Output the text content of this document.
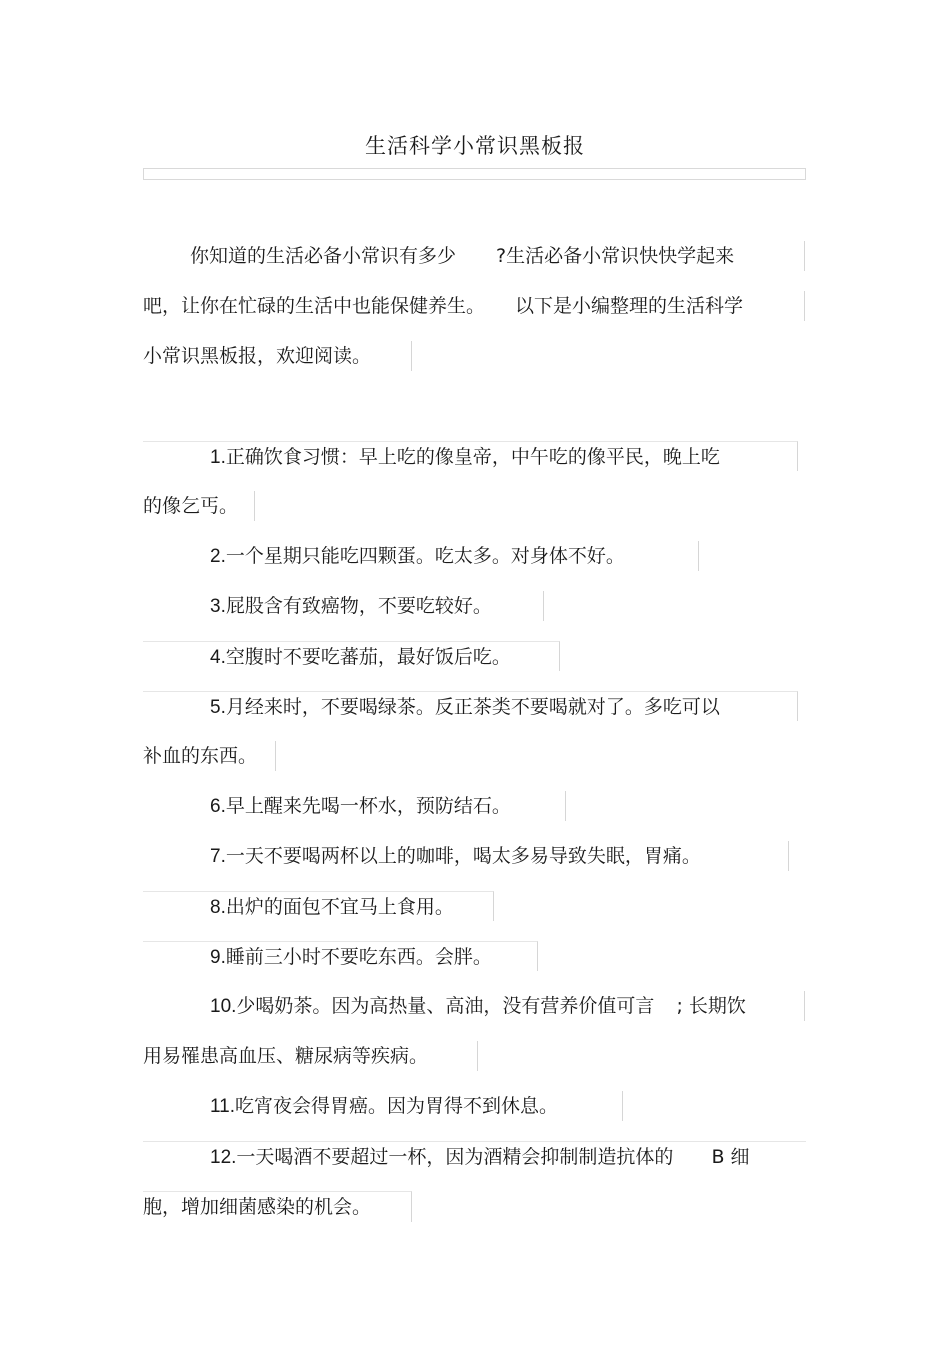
生活科学小常识黑板报
你知道的生活必备小常识有多少 ?生活必备小常识快快学起来
吧，让你在忙碌的生活中也能保健养生。 以下是小编整理的生活科学
小常识黑板报，欢迎阅读。
1.正确饮食习惯：早上吃的像皇帝，中午吃的像平民，晚上吃
的像乞丐。
2.一个星期只能吃四颗蛋。吃太多。对身体不好。
3.屁股含有致癌物，不要吃较好。
4.空腹时不要吃蕃茄，最好饭后吃。
5.月经来时，不要喝绿茶。反正茶类不要喝就对了。多吃可以
补血的东西。
6.早上醒来先喝一杯水，预防结石。
7.一天不要喝两杯以上的咖啡，喝太多易导致失眠，胃痛。
8.出炉的面包不宜马上食用。
9.睡前三小时不要吃东西。会胖。
10.少喝奶茶。因为高热量、高油，没有营养价值可言 ; 长期饮
用易罹患高血压、糖尿病等疾病。
11.吃宵夜会得胃癌。因为胃得不到休息。
12.一天喝酒不要超过一杯，因为酒精会抑制制造抗体的 B 细
胞，增加细菌感染的机会。
